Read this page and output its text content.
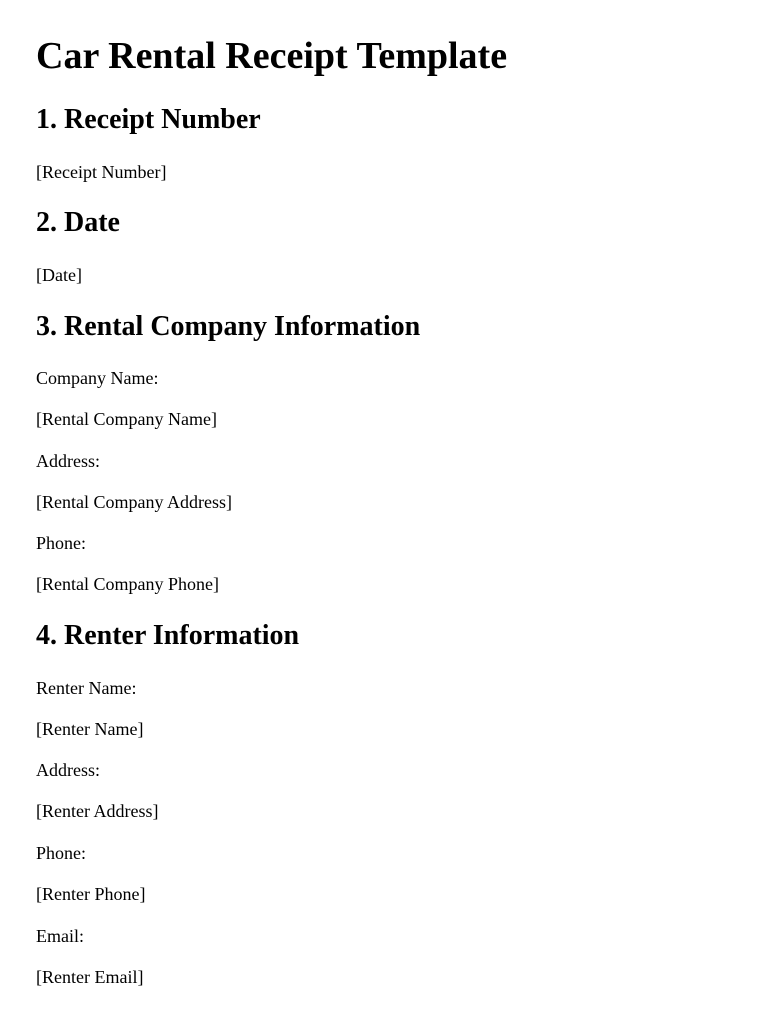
Car Rental Receipt Template
1. Receipt Number

[Receipt Number]

2. Date

[Date]

3. Rental Company Information

Company Name:

[Rental Company Name]

Address:

[Rental Company Address]

Phone:

[Rental Company Phone]

4. Renter Information

Renter Name:

[Renter Name]

Address:

[Renter Address]

Phone:

[Renter Phone]

Email:

[Renter Email]
